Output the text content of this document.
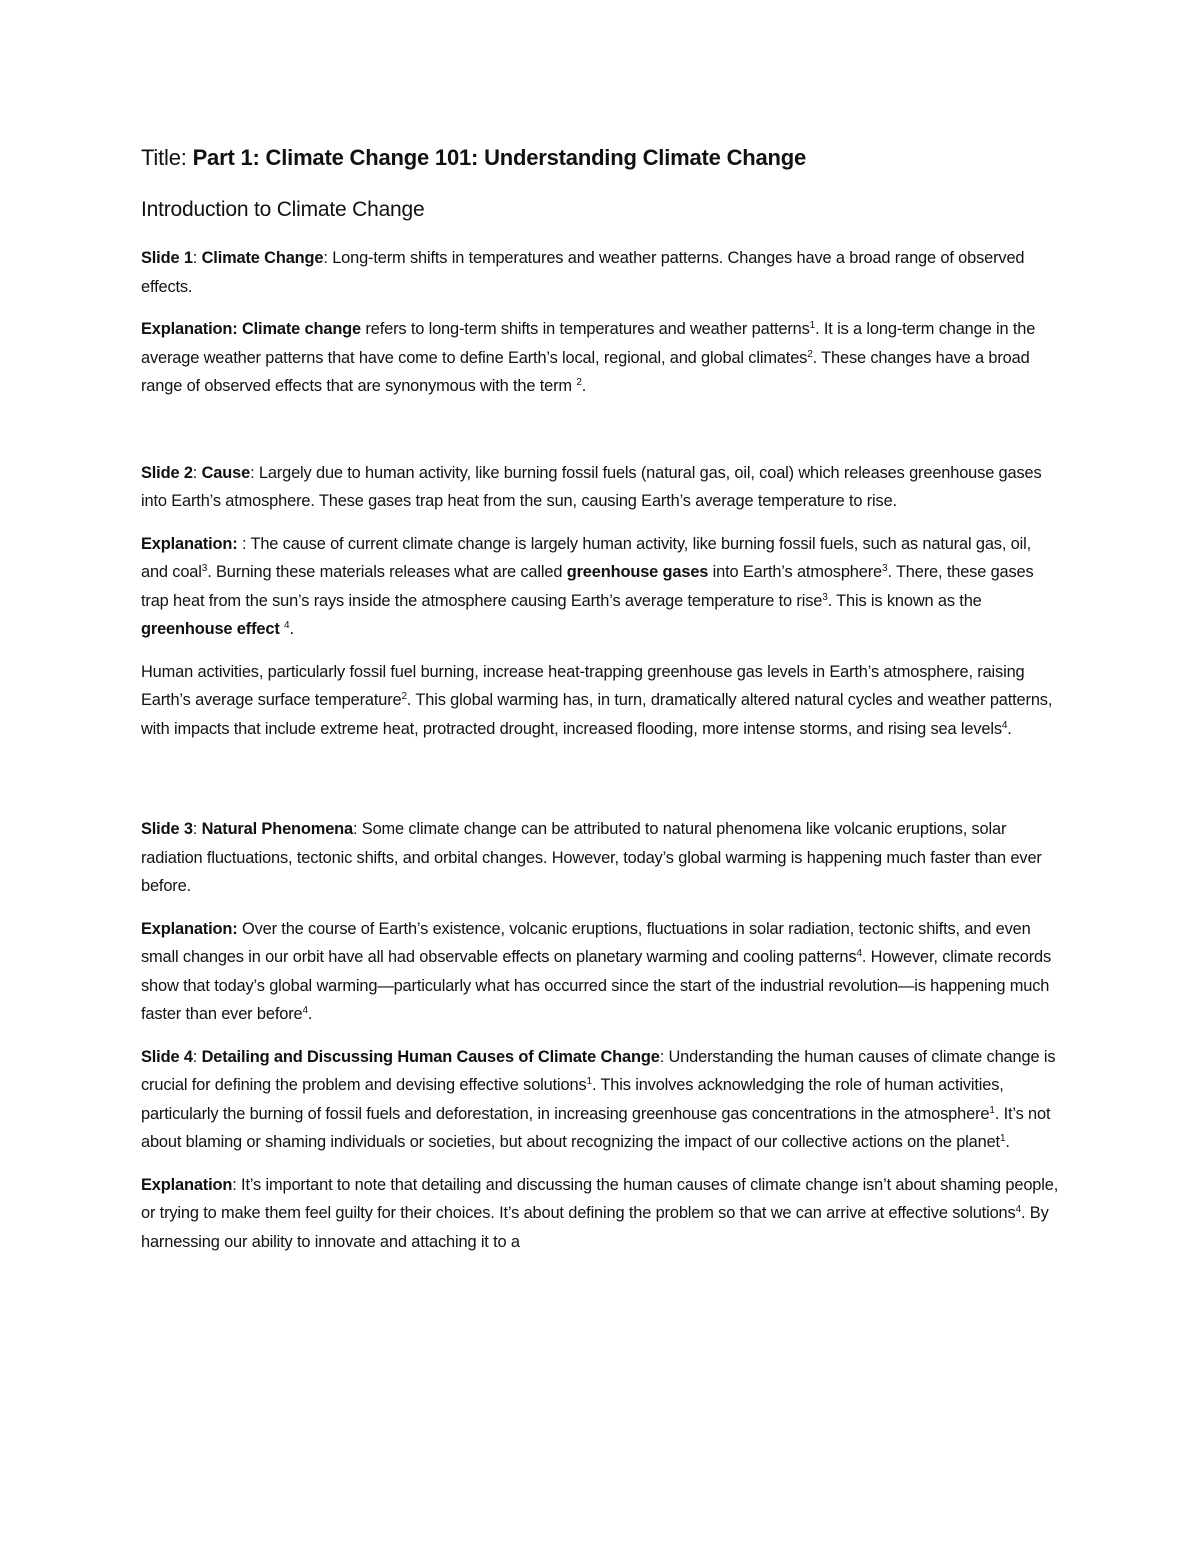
Title: Part 1: Climate Change 101: Understanding Climate Change
Introduction to Climate Change

Slide 1: Climate Change: Long-term shifts in temperatures and weather patterns. Changes have a broad range of observed effects.

Explanation: Climate change refers to long-term shifts in temperatures and weather patterns$^1$. It is a long-term change in the average weather patterns that have come to define Earth’s local, regional, and global climates$^2$. These changes have a broad range of observed effects that are synonymous with the term $^2$.

Slide 2: Cause: Largely due to human activity, like burning fossil fuels (natural gas, oil, coal) which releases greenhouse gases into Earth’s atmosphere. These gases trap heat from the sun, causing Earth’s average temperature to rise.

Explanation: : The cause of current climate change is largely human activity, like burning fossil fuels, such as natural gas, oil, and coal$^3$. Burning these materials releases what are called greenhouse gases into Earth’s atmosphere$^3$. There, these gases trap heat from the sun’s rays inside the atmosphere causing Earth’s average temperature to rise$^3$. This is known as the greenhouse effect $^4$.

Human activities, particularly fossil fuel burning, increase heat-trapping greenhouse gas levels in Earth’s atmosphere, raising Earth’s average surface temperature$^2$. This global warming has, in turn, dramatically altered natural cycles and weather patterns, with impacts that include extreme heat, protracted drought, increased flooding, more intense storms, and rising sea levels$^4$.

Slide 3: Natural Phenomena: Some climate change can be attributed to natural phenomena like volcanic eruptions, solar radiation fluctuations, tectonic shifts, and orbital changes. However, today’s global warming is happening much faster than ever before.

Explanation: Over the course of Earth’s existence, volcanic eruptions, fluctuations in solar radiation, tectonic shifts, and even small changes in our orbit have all had observable effects on planetary warming and cooling patterns$^4$. However, climate records show that today’s global warming—particularly what has occurred since the start of the industrial revolution—is happening much faster than ever before$^4$.

Slide 4: Detailing and Discussing Human Causes of Climate Change: Understanding the human causes of climate change is crucial for defining the problem and devising effective solutions$^1$. This involves acknowledging the role of human activities, particularly the burning of fossil fuels and deforestation, in increasing greenhouse gas concentrations in the atmosphere$^1$. It’s not about blaming or shaming individuals or societies, but about recognizing the impact of our collective actions on the planet$^1$.

Explanation: It’s important to note that detailing and discussing the human causes of climate change isn’t about shaming people, or trying to make them feel guilty for their choices. It’s about defining the problem so that we can arrive at effective solutions$^4$. By harnessing our ability to innovate and attaching it to a
